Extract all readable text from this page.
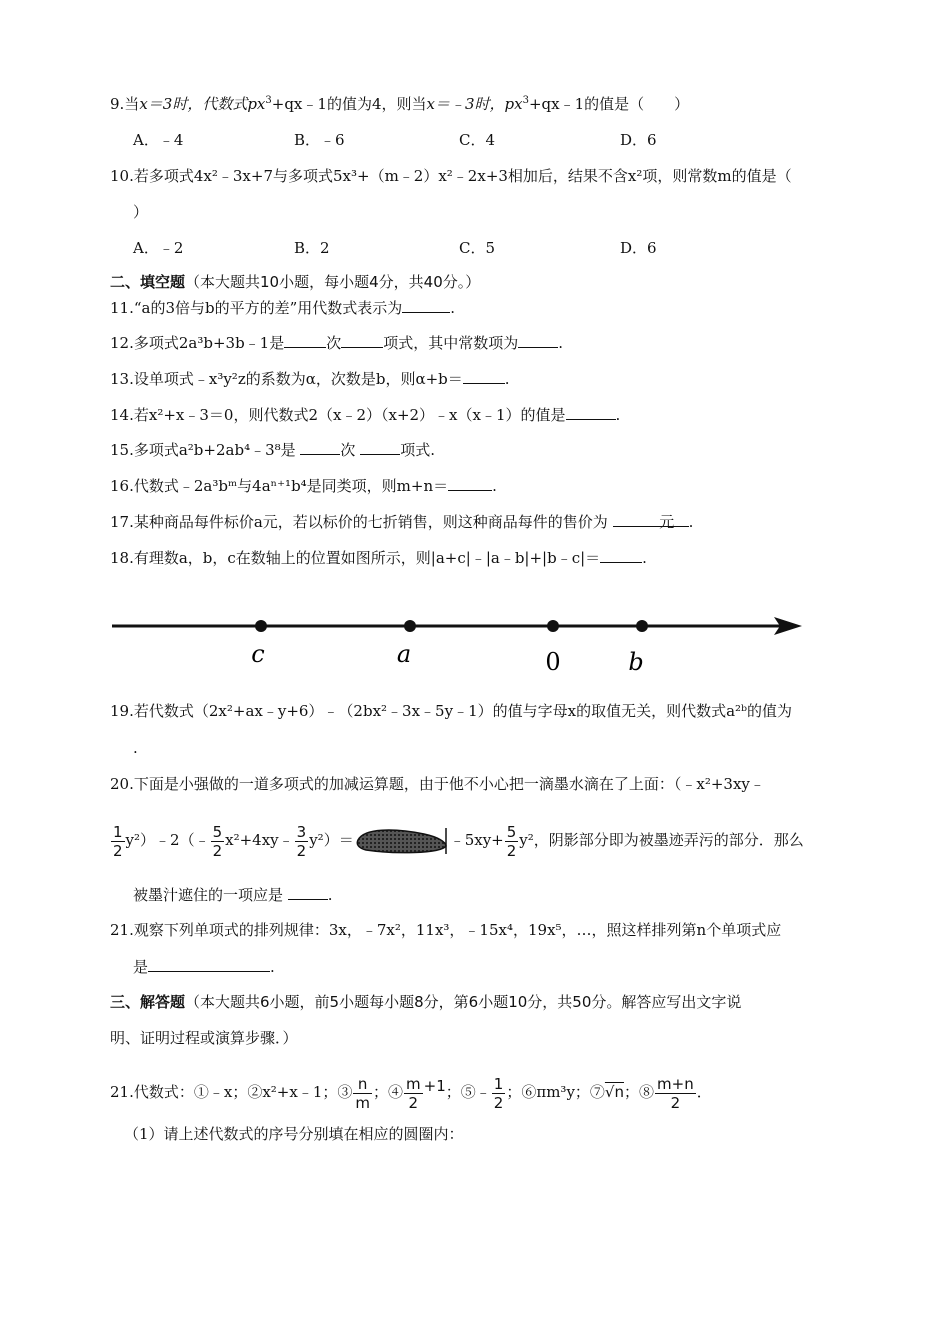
9.当x＝3时，代数式$px^3+qx﹣1$的值为4，则当x＝﹣3时，$px^3+qx﹣1$的值是（　　）
A．﹣4	B．﹣6	C．4	D．6
10.若多项式4x²﹣3x+7与多项式5x³+（m﹣2）x²﹣2x+3相加后，结果不含x²项，则常数m的值是（
）
A．﹣2	B．2	C．5	D．6
二、填空题（本大题共10小题，每小题4分，共40分。）
11.“a的3倍与b的平方的差”用代数式表示为	.
12.多项式2a³b+3b﹣1是	次	项式，其中常数项为	.
13.设单项式﹣x³y²z的系数为α，次数是b，则α+b＝	.
14.若x²+x﹣3＝0，则代数式2（x﹣2）（x+2）﹣x（x﹣1）的值是	.
15.多项式a²b+2ab⁴﹣3⁸是	次	项式.
16.代数式﹣2a³bᵐ与4aⁿ⁺¹b⁴是同类项，则m+n＝	.
17.某种商品每件标价a元，若以标价的七折销售，则这种商品每件的售价为	元 .
18.有理数a，b，c在数轴上的位置如图所示，则|a+c|﹣|a﹣b|+|b﹣c|＝	.
c	a	0	b
19.若代数式（2x²+ax﹣y+6）﹣（2bx²﹣3x﹣5y﹣1）的值与字母x的取值无关，则代数式a²ᵇ的值为
.
20.下面是小强做的一道多项式的加减运算题，由于他不小心把一滴墨水滴在了上面：（﹣x²+3xy﹣
$\frac{1}{2}$ y²）﹣2（﹣ $\frac{5}{2}$ x²+4xy﹣ $\frac{3}{2} y^2)=$	﹣5xy+ $\frac{5}{2} y^2$，阴影部分即为被墨迹弄污的部分．那么
被墨汁遮住的一项应是	.
21.观察下列单项式的排列规律：3x，﹣7x²，11x³，﹣15x⁴，19x⁵，…，照这样排列第n个单项式应
是	.
三、解答题（本大题共6小题，前5小题每小题8分，第6小题10分，共50分。解答应写出文字说
明、证明过程或演算步骤．）
21.代数式：①﹣x；②x²+x﹣1；③ $\frac{n}{m}$ ；④ $\frac{m}{2} +1$；⑤﹣ $\frac{1}{2}$ ；⑥πm³y；⑦√n；⑧ $\frac{m+n}{2}$ ．
（1）请上述代数式的序号分别填在相应的圆圈内：
